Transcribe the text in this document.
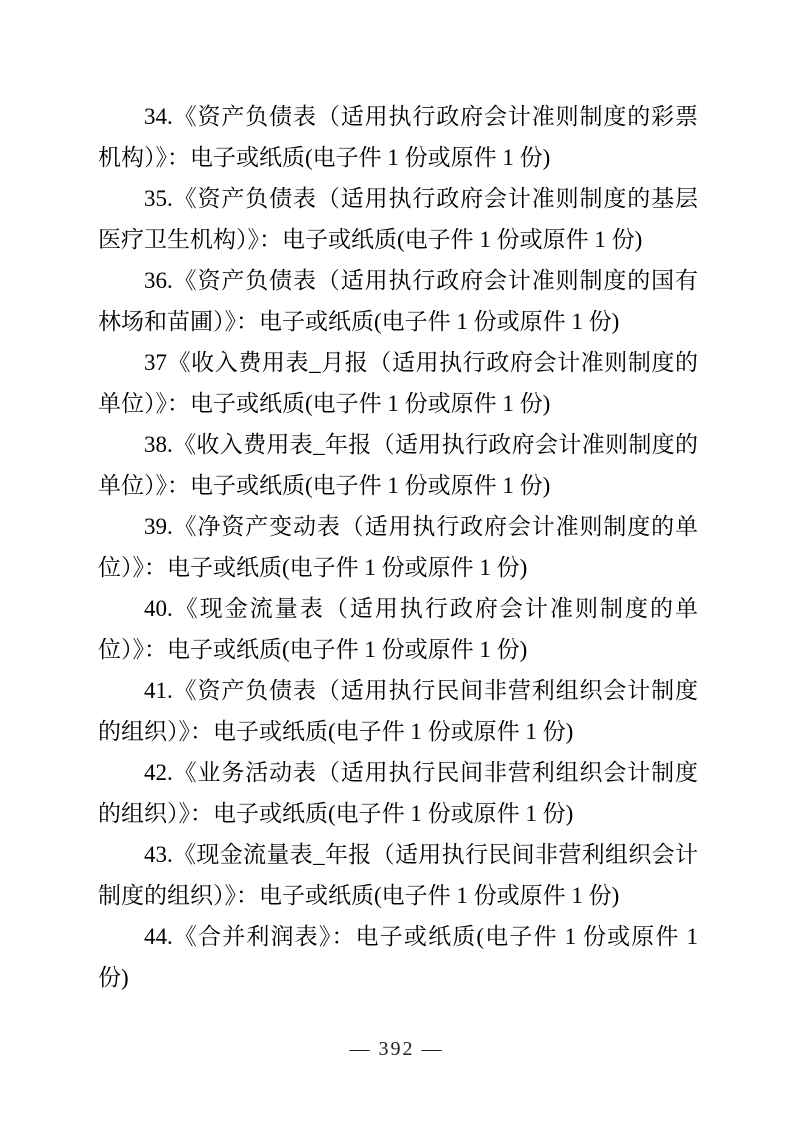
34.《资产负债表（适用执行政府会计准则制度的彩票机构）》：电子或纸质(电子件 1 份或原件 1 份)

35.《资产负债表（适用执行政府会计准则制度的基层医疗卫生机构）》：电子或纸质(电子件 1 份或原件 1 份)

36.《资产负债表（适用执行政府会计准则制度的国有林场和苗圃）》：电子或纸质(电子件 1 份或原件 1 份)

37《收入费用表_月报（适用执行政府会计准则制度的单位）》：电子或纸质(电子件 1 份或原件 1 份)

38.《收入费用表_年报（适用执行政府会计准则制度的单位）》：电子或纸质(电子件 1 份或原件 1 份)

39.《净资产变动表（适用执行政府会计准则制度的单位）》：电子或纸质(电子件 1 份或原件 1 份)

40.《现金流量表（适用执行政府会计准则制度的单位）》：电子或纸质(电子件 1 份或原件 1 份)

41.《资产负债表（适用执行民间非营利组织会计制度的组织）》：电子或纸质(电子件 1 份或原件 1 份)

42.《业务活动表（适用执行民间非营利组织会计制度的组织）》：电子或纸质(电子件 1 份或原件 1 份)

43.《现金流量表_年报（适用执行民间非营利组织会计制度的组织）》：电子或纸质(电子件 1 份或原件 1 份)

44.《合并利润表》：电子或纸质(电子件 1 份或原件 1 份)

— 392 —
